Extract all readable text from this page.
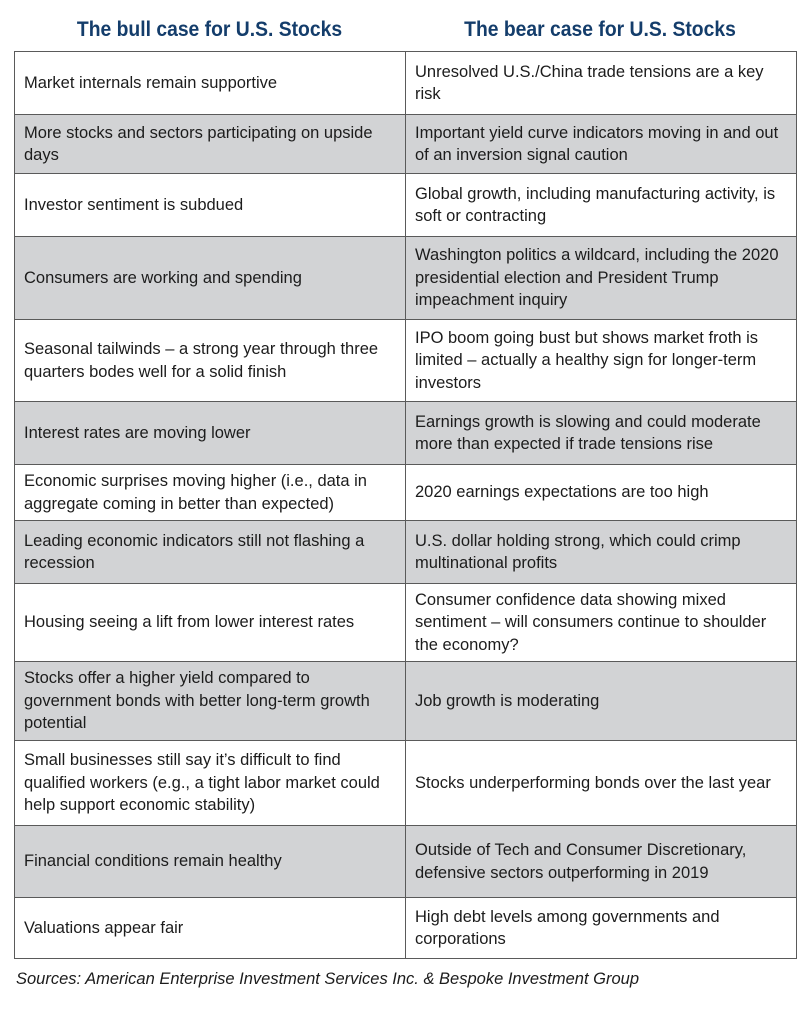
The bull case for U.S. Stocks	The bear case for U.S. Stocks
Market internals remain supportive	Unresolved U.S./China trade tensions are a key risk
More stocks and sectors participating on upside days	Important yield curve indicators moving in and out of an inversion signal caution
Investor sentiment is subdued	Global growth, including manufacturing activity, is soft or contracting
Consumers are working and spending	Washington politics a wildcard, including the 2020 presidential election and President Trump impeachment inquiry
Seasonal tailwinds – a strong year through three quarters bodes well for a solid finish	IPO boom going bust but shows market froth is limited – actually a healthy sign for longer-term investors
Interest rates are moving lower	Earnings growth is slowing and could moderate more than expected if trade tensions rise
Economic surprises moving higher (i.e., data in aggregate coming in better than expected)	2020 earnings expectations are too high
Leading economic indicators still not flashing a recession	U.S. dollar holding strong, which could crimp multinational profits
Housing seeing a lift from lower interest rates	Consumer confidence data showing mixed sentiment – will consumers continue to shoulder the economy?
Stocks offer a higher yield compared to government bonds with better long-term growth potential	Job growth is moderating
Small businesses still say it’s difficult to find qualified workers (e.g., a tight labor market could help support economic stability)	Stocks underperforming bonds over the last year
Financial conditions remain healthy	Outside of Tech and Consumer Discretionary, defensive sectors outperforming in 2019
Valuations appear fair	High debt levels among governments and corporations
Sources: American Enterprise Investment Services Inc. & Bespoke Investment Group
